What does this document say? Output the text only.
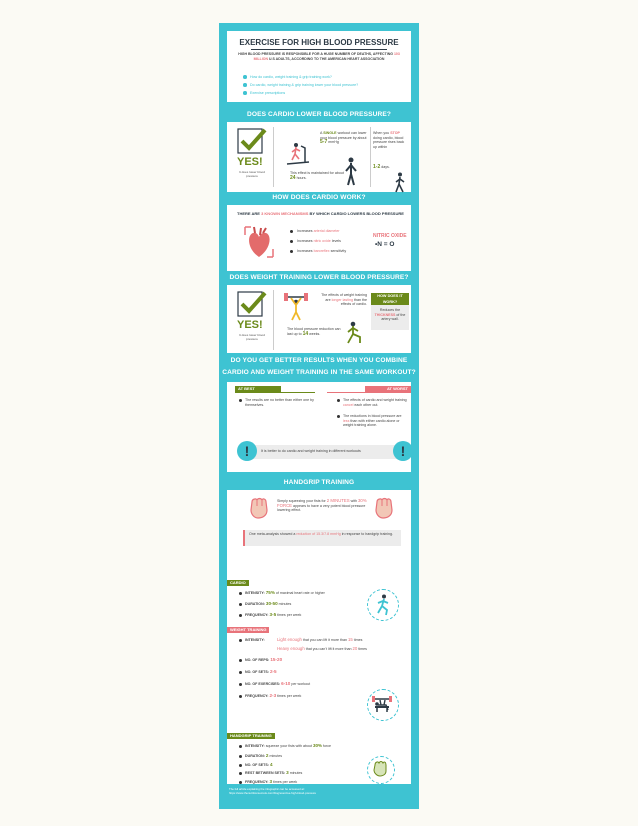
EXERCISE FOR HIGH BLOOD PRESSURE
HIGH BLOOD PRESSURE IS RESPONSIBLE FOR A HUGE NUMBER OF DEATHS, AFFECTING 103 MILLION U.S ADULTS, ACCORDING TO THE AMERICAN HEART ASSOCIATION
How do cardio, weight training & grip training work?
Do cardio, weight training & grip training lower your blood pressure?
Exercise prescriptions
DOES CARDIO LOWER BLOOD PRESSURE?
YES!
It does lower blood pressure
A SINGLE workout can lower your blood pressure by about 5-7 mmHg
This effect is maintained for about 24 hours.
When you STOP doing cardio, blood pressure rises back up within
1-2 days.
HOW DOES CARDIO WORK?
THERE ARE 3 KNOWN MECHANISMS BY WHICH CARDIO LOWERS BLOOD PRESSURE
Increases arterial diameter
Increases nitric oxide levels
Increases baroreflex sensitivity
NITRIC OXIDE
•N = O
DOES WEIGHT TRAINING LOWER BLOOD PRESSURE?
YES!
It does lower blood pressure
The effects of weight training are longer lasting than the effects of cardio.
The blood pressure reduction can last up to 14 weeks.
HOW DOES IT WORK?
Reduces the THICKNESS of the artery wall.
DO YOU GET BETTER RESULTS WHEN YOU COMBINE
CARDIO AND WEIGHT TRAINING IN THE SAME WORKOUT?
AT BEST	AT WORST
The results are no better than either one by themselves.
The effects of cardio and weight training cancel each other out.
The reductions in blood pressure are less than with either cardio alone or weight training alone.
It is better to do cardio and weight training in different workouts
!	!
HANDGRIP TRAINING
Simply squeezing your fists for 2 MINUTES with 30% FORCE appears to have a very potent blood pressure lowering effect.
One meta-analysis showed a reduction of 15.3/7.8 mmHg in response to handgrip training.
EXERCISE PRESCRIPTION
CARDIO
INTENSITY: 75% of maximal heart rate or higher
DURATION: 30-50 minutes
FREQUENCY: 3-5 times per week
WEIGHT TRAINING
INTENSITY:	Light enough that you can lift it more than 15 times
Heavy enough that you can't lift it more than 20 times
NO. OF REPS: 15-20
NO. OF SETS: 2-5
NO. OF EXERCISES: 6-10 per workout
FREQUENCY: 2-3 times per week
HANDGRIP TRAINING
INTENSITY: squeeze your fists with about 30% force
DURATION: 2 minutes
NO. OF SETS: 4
REST BETWEEN SETS: 3 minutes
FREQUENCY: 3 times per week
The full article explaining the infographic can be accessed at:
https://www.thenutritionsecrets.com/blog/exercise-high-blood-pressure
